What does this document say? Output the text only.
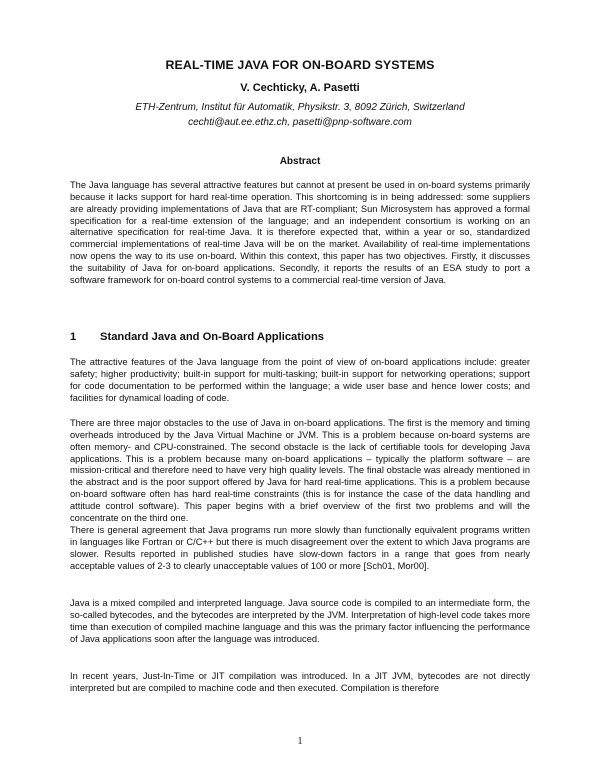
REAL-TIME JAVA FOR ON-BOARD SYSTEMS
V. Cechticky, A. Pasetti
ETH-Zentrum, Institut für Automatik, Physikstr. 3, 8092 Zürich, Switzerland
cechti@aut.ee.ethz.ch, pasetti@pnp-software.com
Abstract

The Java language has several attractive features but cannot at present be used in on-board systems primarily because it lacks support for hard real-time operation. This shortcoming is in being addressed: some suppliers are already providing implementations of Java that are RT-compliant; Sun Microsystem has approved a formal specification for a real-time extension of the language; and an independent consortium is working on an alternative specification for real-time Java. It is therefore expected that, within a year or so, standardized commercial implementations of real-time Java will be on the market. Availability of real-time implementations now opens the way to its use on-board. Within this context, this paper has two objectives. Firstly, it discusses the suitability of Java for on-board applications. Secondly, it reports the results of an ESA study to port a software framework for on-board control systems to a commercial real-time version of Java.

1 Standard Java and On-Board Applications

The attractive features of the Java language from the point of view of on-board applications include: greater safety; higher productivity; built-in support for multi-tasking; built-in support for networking operations; support for code documentation to be performed within the language; a wide user base and hence lower costs; and facilities for dynamical loading of code.

There are three major obstacles to the use of Java in on-board applications. The first is the memory and timing overheads introduced by the Java Virtual Machine or JVM. This is a problem because on-board systems are often memory- and CPU-constrained. The second obstacle is the lack of certifiable tools for developing Java applications. This is a problem because many on-board applications – typically the platform software – are mission-critical and therefore need to have very high quality levels. The final obstacle was already mentioned in the abstract and is the poor support offered by Java for hard real-time applications. This is a problem because on-board software often has hard real-time constraints (this is for instance the case of the data handling and attitude control software). This paper begins with a brief overview of the first two problems and will the concentrate on the third one.

There is general agreement that Java programs run more slowly than functionally equivalent programs written in languages like Fortran or C/C++ but there is much disagreement over the extent to which Java programs are slower. Results reported in published studies have slow-down factors in a range that goes from nearly acceptable values of 2-3 to clearly unacceptable values of 100 or more [Sch01, Mor00].

Java is a mixed compiled and interpreted language. Java source code is compiled to an intermediate form, the so-called bytecodes, and the bytecodes are interpreted by the JVM. Interpretation of high-level code takes more time than execution of compiled machine language and this was the primary factor influencing the performance of Java applications soon after the language was introduced.

In recent years, Just-In-Time or JIT compilation was introduced. In a JIT JVM, bytecodes are not directly interpreted but are compiled to machine code and then executed. Compilation is therefore

1
